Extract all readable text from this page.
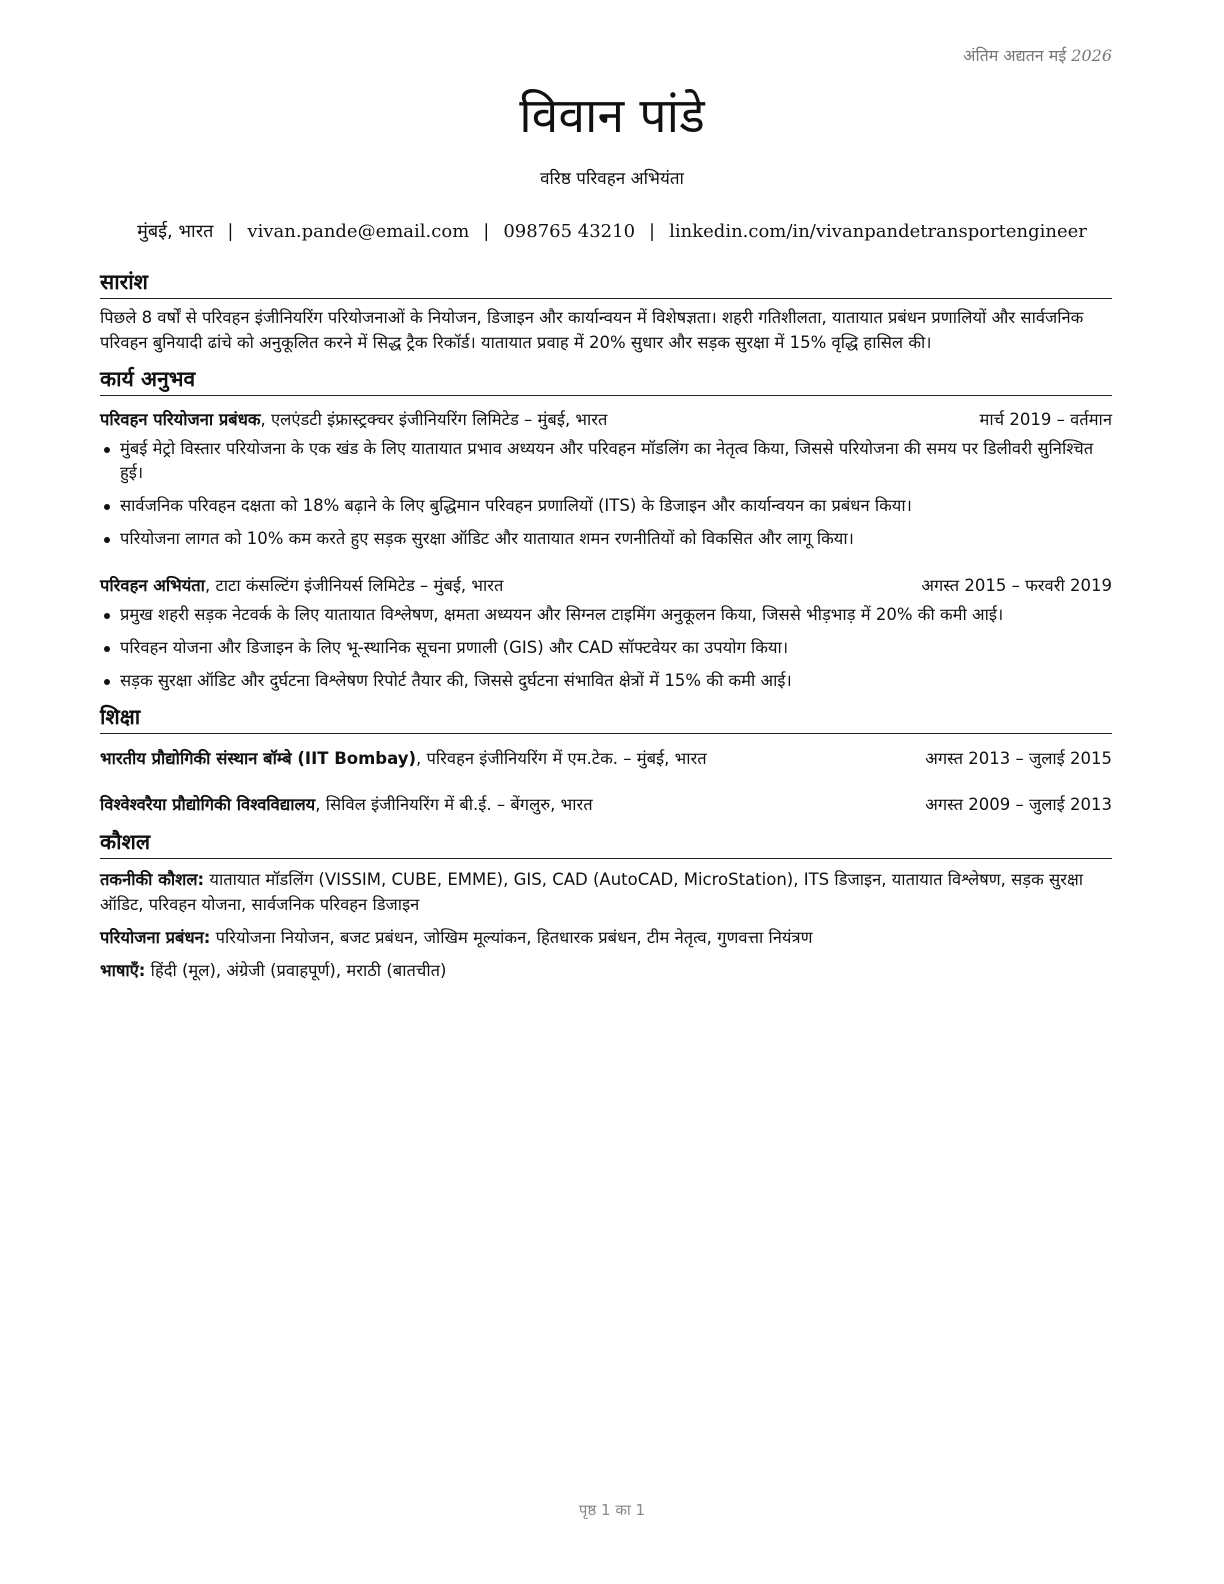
अंतिम अद्यतन मई 2026
विवान पांडे
वरिष्ठ परिवहन अभियंता
मुंबई, भारत | vivan.pande@email.com | 098765 43210 | linkedin.com/in/vivanpandetransportengineer
सारांश

पिछले 8 वर्षों से परिवहन इंजीनियरिंग परियोजनाओं के नियोजन, डिजाइन और कार्यान्वयन में विशेषज्ञता। शहरी गतिशीलता, यातायात प्रबंधन प्रणालियों और सार्वजनिक परिवहन बुनियादी ढांचे को अनुकूलित करने में सिद्ध ट्रैक रिकॉर्ड। यातायात प्रवाह में 20% सुधार और सड़क सुरक्षा में 15% वृद्धि हासिल की।

कार्य अनुभव
परिवहन परियोजना प्रबंधक, एलएंडटी इंफ्रास्ट्रक्चर इंजीनियरिंग लिमिटेड – मुंबई, भारत	मार्च 2019 – वर्तमान
मुंबई मेट्रो विस्तार परियोजना के एक खंड के लिए यातायात प्रभाव अध्ययन और परिवहन मॉडलिंग का नेतृत्व किया, जिससे परियोजना की समय पर डिलीवरी सुनिश्चित हुई।
सार्वजनिक परिवहन दक्षता को 18% बढ़ाने के लिए बुद्धिमान परिवहन प्रणालियों (ITS) के डिजाइन और कार्यान्वयन का प्रबंधन किया।
परियोजना लागत को 10% कम करते हुए सड़क सुरक्षा ऑडिट और यातायात शमन रणनीतियों को विकसित और लागू किया।
परिवहन अभियंता, टाटा कंसल्टिंग इंजीनियर्स लिमिटेड – मुंबई, भारत	अगस्त 2015 – फरवरी 2019
प्रमुख शहरी सड़क नेटवर्क के लिए यातायात विश्लेषण, क्षमता अध्ययन और सिग्नल टाइमिंग अनुकूलन किया, जिससे भीड़भाड़ में 20% की कमी आई।
परिवहन योजना और डिजाइन के लिए भू-स्थानिक सूचना प्रणाली (GIS) और CAD सॉफ्टवेयर का उपयोग किया।
सड़क सुरक्षा ऑडिट और दुर्घटना विश्लेषण रिपोर्ट तैयार की, जिससे दुर्घटना संभावित क्षेत्रों में 15% की कमी आई।
शिक्षा
भारतीय प्रौद्योगिकी संस्थान बॉम्बे (IIT Bombay), परिवहन इंजीनियरिंग में एम.टेक. – मुंबई, भारत	अगस्त 2013 – जुलाई 2015
विश्वेश्वरैया प्रौद्योगिकी विश्वविद्यालय, सिविल इंजीनियरिंग में बी.ई. – बेंगलुरु, भारत	अगस्त 2009 – जुलाई 2013
कौशल
तकनीकी कौशल: यातायात मॉडलिंग (VISSIM, CUBE, EMME), GIS, CAD (AutoCAD, MicroStation), ITS डिजाइन, यातायात विश्लेषण, सड़क सुरक्षा ऑडिट, परिवहन योजना, सार्वजनिक परिवहन डिजाइन
परियोजना प्रबंधन: परियोजना नियोजन, बजट प्रबंधन, जोखिम मूल्यांकन, हितधारक प्रबंधन, टीम नेतृत्व, गुणवत्ता नियंत्रण
भाषाएँ: हिंदी (मूल), अंग्रेजी (प्रवाहपूर्ण), मराठी (बातचीत)
पृष्ठ 1 का 1
